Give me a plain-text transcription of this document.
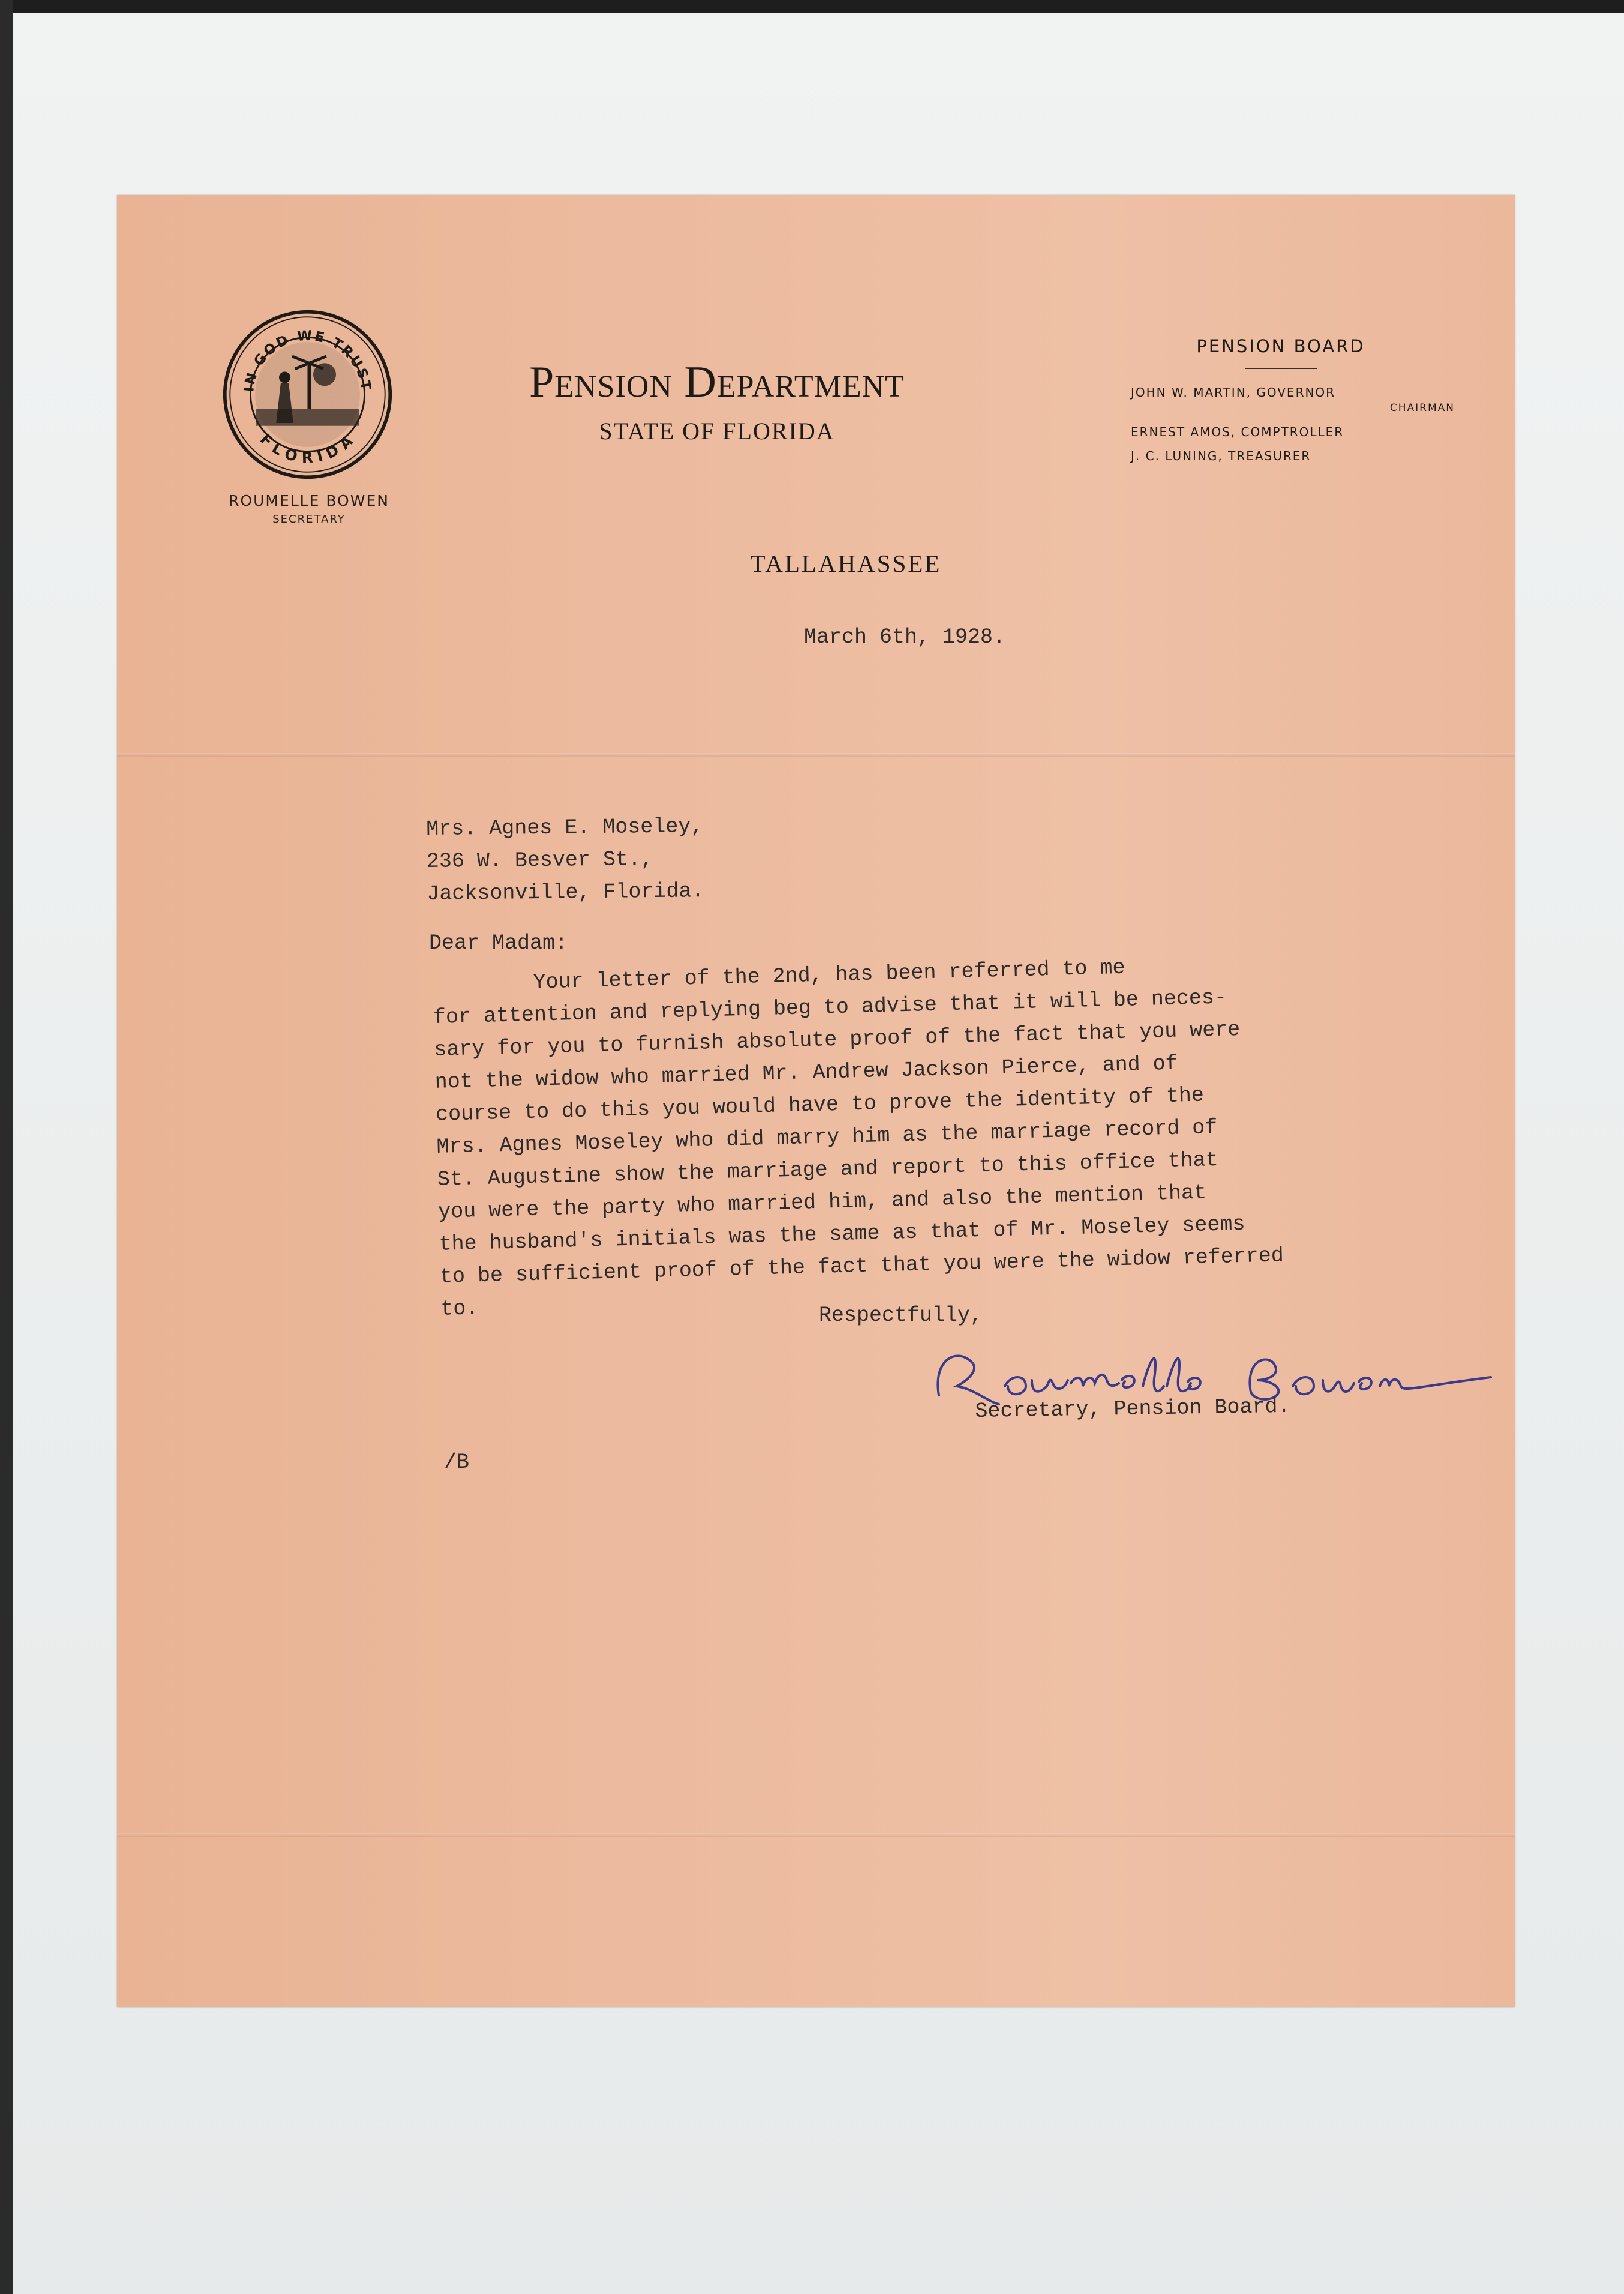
IN GOD WE TRUST
FLORIDA
ROUMELLE BOWEN
SECRETARY
Pension Department
STATE OF FLORIDA
PENSION BOARD
JOHN W. MARTIN, GOVERNOR
CHAIRMAN
ERNEST AMOS, COMPTROLLER
J. C. LUNING, TREASURER
TALLAHASSEE
March 6th, 1928.
Mrs. Agnes E. Moseley,
236 W. Besver St.,
Jacksonville, Florida.
Dear Madam:
Your letter of the 2nd, has been referred to me
for attention and replying beg to advise that it will be neces-
sary for you to furnish absolute proof of the fact that you were
not the widow who married Mr. Andrew Jackson Pierce, and of
course to do this you would have to prove the identity of the
Mrs. Agnes Moseley who did marry him as the marriage record of
St. Augustine show the marriage and report to this office that
you were the party who married him, and also the mention that
the husband's initials was the same as that of Mr. Moseley seems
to be sufficient proof of the fact that you were the widow referred
to.	Respectfully,
Secretary, Pension Board.
/B
